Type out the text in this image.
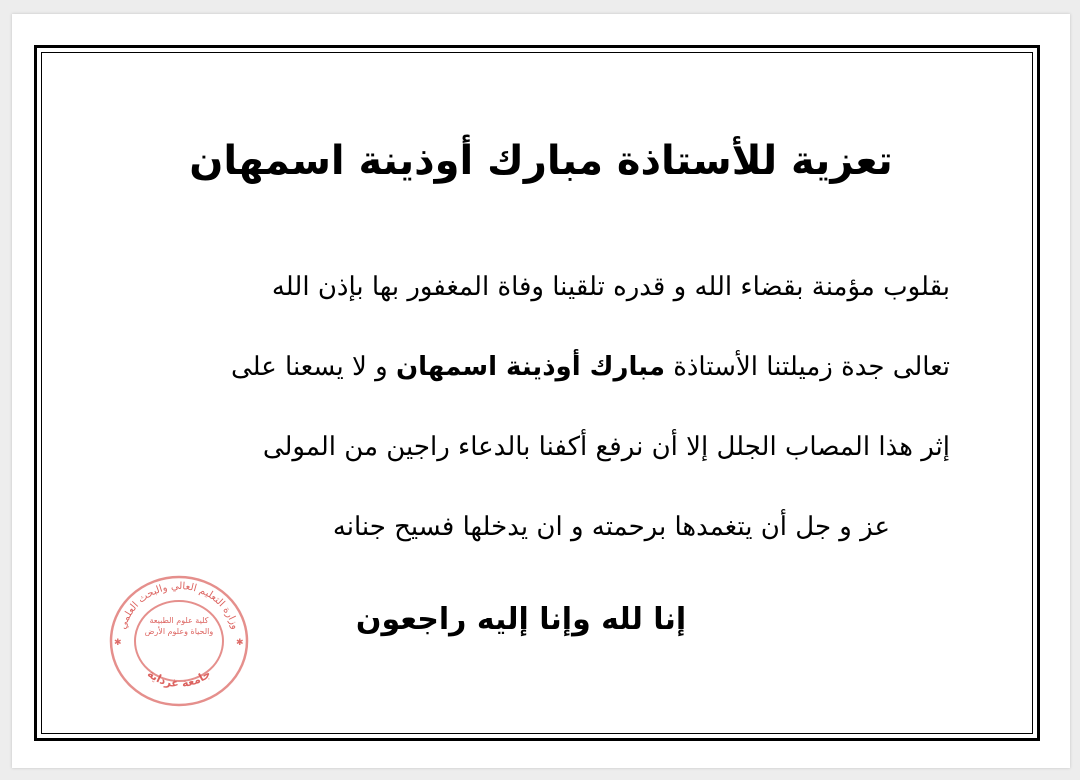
تعزية للأستاذة مبارك أوذينة اسمهان
بقلوب مؤمنة بقضاء الله و قدره تلقينا وفاة المغفور بها بإذن الله
تعالى جدة زميلتنا الأستاذة مبارك أوذينة اسمهان و لا يسعنا على
إثر هذا المصاب الجلل إلا أن نرفع أكفنا بالدعاء راجين من المولى
عز و جل أن يتغمدها برحمته و ان يدخلها فسيح جنانه
إنا لله وإنا إليه راجعون
وزارة التعليم العالي والبحث العلمي
جامعة غرداية
كلية علوم الطبيعة والحياة وعلوم الأرض
✱	✱
